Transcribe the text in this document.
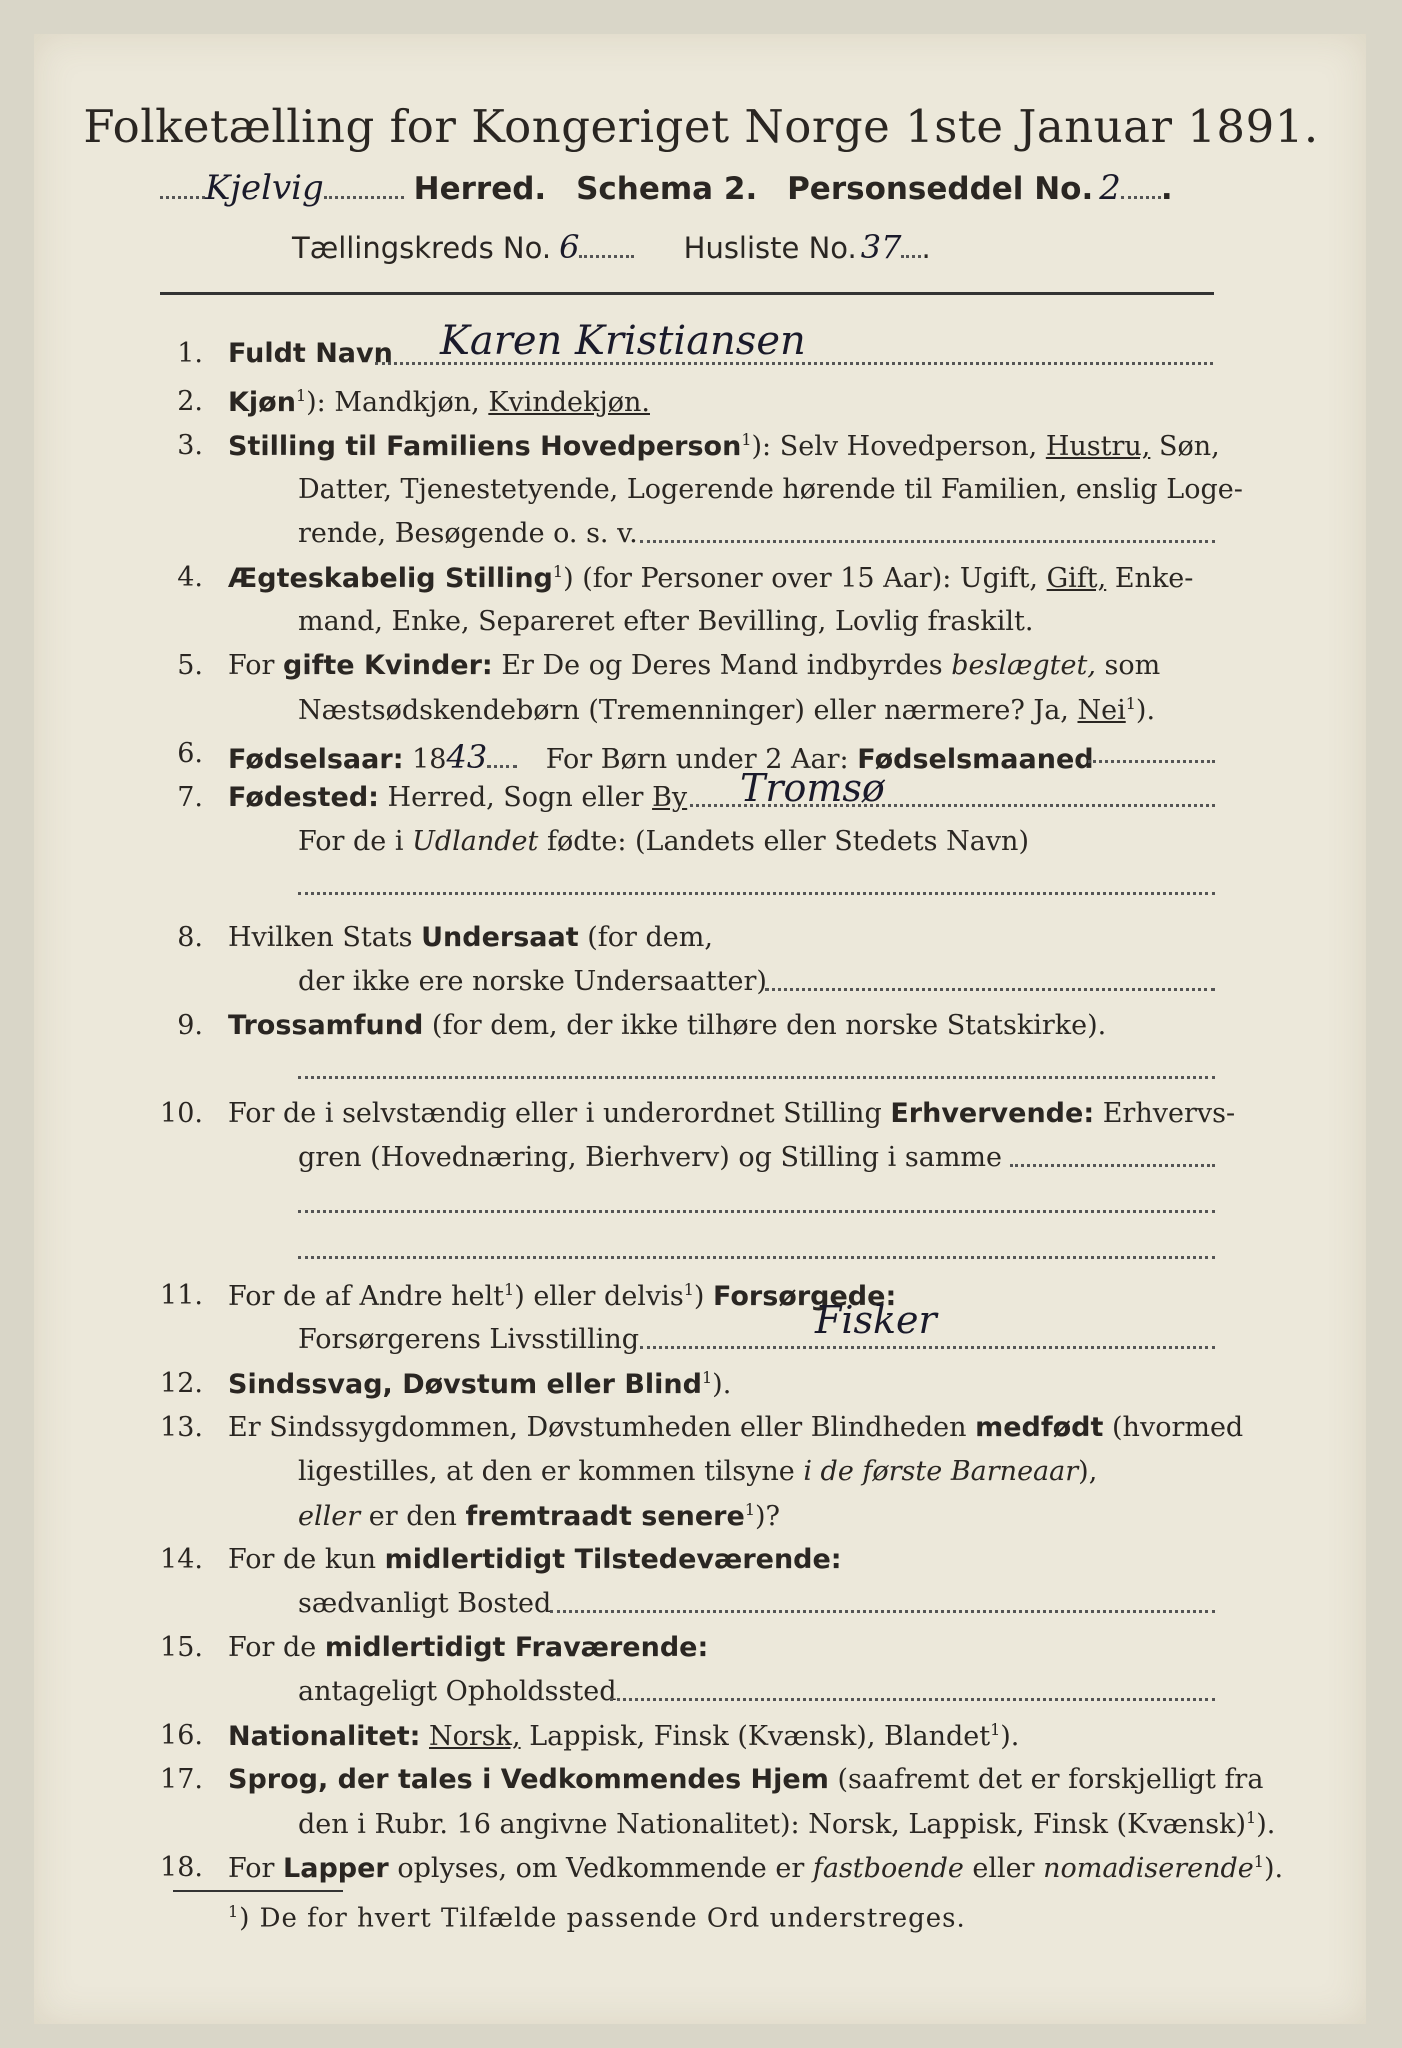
Folketælling for Kongeriget Norge 1ste Januar 1891.
Kjelvig	Herred. Schema 2. Personseddel No. 2 .
Tællingskreds No. 6	Husliste No. 37 .
1. Fuldt Navn Karen Kristiansen
2. Kjøn$^1$): Mandkjøn, Kvindekjøn.
3. Stilling til Familiens Hovedperson$^1$): Selv Hovedperson, Hustru, Søn,
Datter, Tjenestetyende, Logerende hørende til Familien, enslig Loge-
rende, Besøgende o. s. v.
4. Ægteskabelig Stilling$^1$) (for Personer over 15 Aar): Ugift, Gift, Enke-
mand, Enke, Separeret efter Bevilling, Lovlig fraskilt.
5. For gifte Kvinder: Er De og Deres Mand indbyrdes beslægtet, som
Næstsødskendebørn (Tremenninger) eller nærmere? Ja, Nei$^1$).
6. Fødselsaar: 1843 For Børn under 2 Aar: Fødselsmaaned
7. Fødested: Herred, Sogn eller By Tromsø
For de i Udlandet fødte: (Landets eller Stedets Navn)
8. Hvilken Stats Undersaat (for dem,
der ikke ere norske Undersaatter)
9. Trossamfund (for dem, der ikke tilhøre den norske Statskirke).
10. For de i selvstændig eller i underordnet Stilling Erhvervende: Erhvervs-
gren (Hovednæring, Bierhverv) og Stilling i samme
11. For de af Andre helt$^1$) eller delvis$^1$) Forsørgede:
Forsørgerens Livsstilling	Fisker
12. Sindssvag, Døvstum eller Blind$^1$).
13. Er Sindssygdommen, Døvstumheden eller Blindheden medfødt (hvormed
ligestilles, at den er kommen tilsyne i de første Barneaar),
eller er den fremtraadt senere$^1$)?
14. For de kun midlertidigt Tilstedeværende:
sædvanligt Bosted
15. For de midlertidigt Fraværende:
antageligt Opholdssted
16. Nationalitet: Norsk, Lappisk, Finsk (Kvænsk), Blandet$^1$).
17. Sprog, der tales i Vedkommendes Hjem (saafremt det er forskjelligt fra
den i Rubr. 16 angivne Nationalitet): Norsk, Lappisk, Finsk (Kvænsk)$^1$).
18. For Lapper oplyses, om Vedkommende er fastboende eller nomadiserende$^1$).
$^1$) De for hvert Tilfælde passende Ord understreges.
